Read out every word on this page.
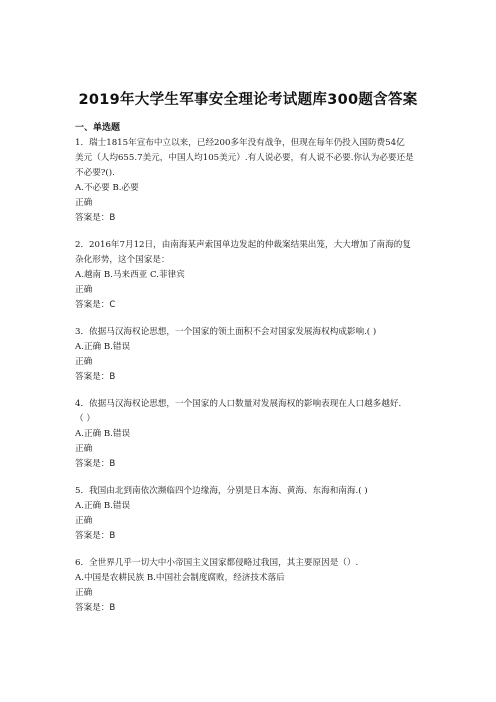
2019年大学生军事安全理论考试题库300题含答案
一、单选题
1．瑞士1815年宣布中立以来，已经200多年没有战争，但现在每年仍投入国防费54亿
美元（人均655.7美元，中国人均105美元）.有人说必要，有人说不必要.你认为必要还是
不必要?().
A.不必要 B.必要
正确
答案是：B
2．2016年7月12日，由南海某声索国单边发起的仲裁案结果出笼，大大增加了南海的复
杂化形势，这个国家是：
A.越南 B.马来西亚 C.菲律宾
正确
答案是：C
3．依据马汉海权论思想，一个国家的领土面积不会对国家发展海权构成影响.( )
A.正确 B.错误
正确
答案是：B
4．依据马汉海权论思想，一个国家的人口数量对发展海权的影响表现在人口越多越好．
（ ）
A.正确 B.错误
正确
答案是：B
5．我国由北到南依次濒临四个边缘海，分别是日本海、黄海、东海和南海.( )
A.正确 B.错误
正确
答案是：B
6．全世界几乎一切大中小帝国主义国家都侵略过我国，其主要原因是（）.
A.中国是农耕民族 B.中国社会制度腐败，经济技术落后
正确
答案是：B
